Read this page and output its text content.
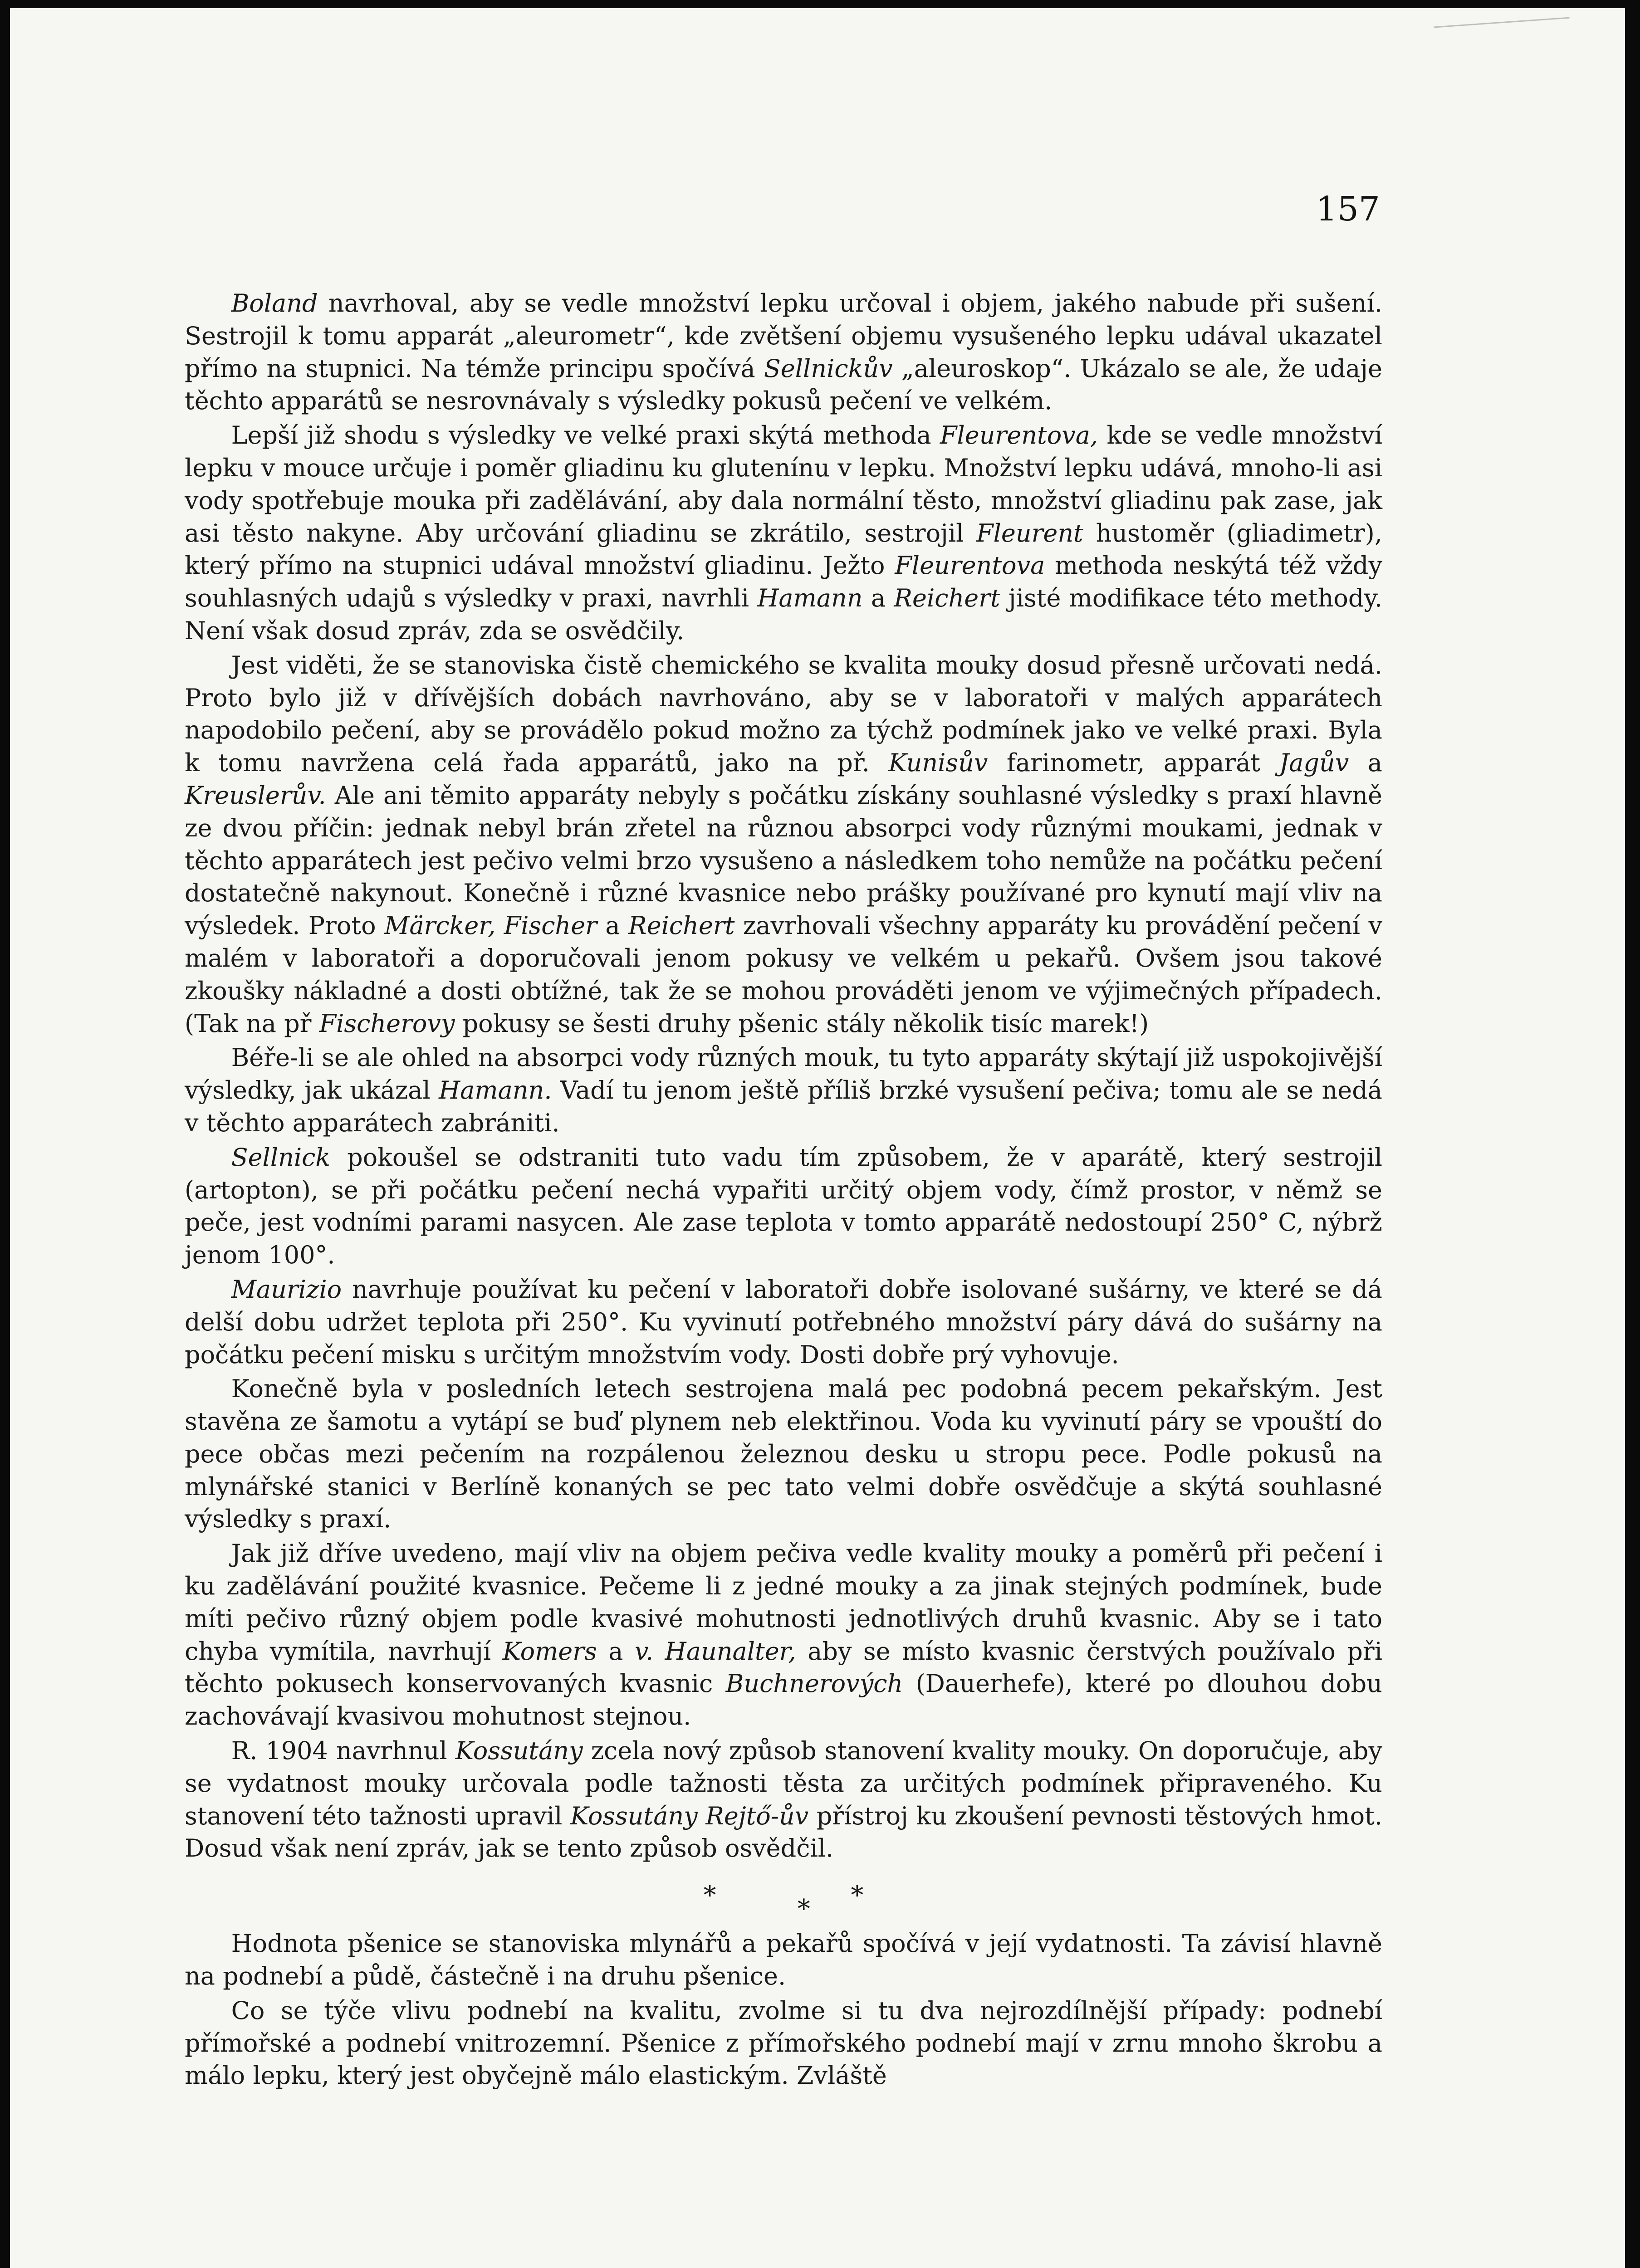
157

Boland navrhoval, aby se vedle množství lepku určoval i objem, jakého nabude při sušení. Sestrojil k tomu apparát „aleurometr“, kde zvětšení objemu vysušeného lepku udával ukazatel přímo na stupnici. Na témže principu spočívá Sellnickův „aleuroskop“. Ukázalo se ale, že udaje těchto apparátů se nesrovnávaly s výsledky pokusů pečení ve velkém.

Lepší již shodu s výsledky ve velké praxi skýtá methoda Fleurentova, kde se vedle množství lepku v mouce určuje i poměr gliadinu ku glutenínu v lepku. Množství lepku udává, mnoho-li asi vody spotřebuje mouka při zadělávání, aby dala normální těsto, množství gliadinu pak zase, jak asi těsto nakyne. Aby určování gliadinu se zkrátilo, sestrojil Fleurent hustoměr (gliadimetr), který přímo na stupnici udával množství gliadinu. Ježto Fleurentova methoda neskýtá též vždy souhlasných udajů s výsledky v praxi, navrhli Hamann a Reichert jisté modifikace této methody. Není však dosud zpráv, zda se osvědčily.

Jest viděti, že se stanoviska čistě chemického se kvalita mouky dosud přesně určovati nedá. Proto bylo již v dřívějších dobách navrhováno, aby se v laboratoři v malých apparátech napodobilo pečení, aby se provádělo pokud možno za týchž podmínek jako ve velké praxi. Byla k tomu navržena celá řada apparátů, jako na př. Kunisův farinometr, apparát Jagův a Kreuslerův. Ale ani těmito apparáty nebyly s počátku získány souhlasné výsledky s praxí hlavně ze dvou příčin: jednak nebyl brán zřetel na různou absorpci vody různými moukami, jednak v těchto apparátech jest pečivo velmi brzo vysušeno a následkem toho nemůže na počátku pečení dostatečně nakynout. Konečně i různé kvasnice nebo prášky používané pro kynutí mají vliv na výsledek. Proto Märcker, Fischer a Reichert zavrhovali všechny apparáty ku provádění pečení v malém v laboratoři a doporučovali jenom pokusy ve velkém u pekařů. Ovšem jsou takové zkoušky nákladné a dosti obtížné, tak že se mohou prováděti jenom ve výjimečných případech. (Tak na př Fischerovy pokusy se šesti druhy pšenic stály několik tisíc marek!)

Béře-li se ale ohled na absorpci vody různých mouk, tu tyto apparáty skýtají již uspokojivější výsledky, jak ukázal Hamann. Vadí tu jenom ještě příliš brzké vysušení pečiva; tomu ale se nedá v těchto apparátech zabrániti.

Sellnick pokoušel se odstraniti tuto vadu tím způsobem, že v aparátě, který sestrojil (artopton), se při počátku pečení nechá vypařiti určitý objem vody, čímž prostor, v němž se peče, jest vodními parami nasycen. Ale zase teplota v tomto apparátě nedostoupí 250° C, nýbrž jenom 100°.

Maurizio navrhuje používat ku pečení v laboratoři dobře isolované sušárny, ve které se dá delší dobu udržet teplota při 250°. Ku vyvinutí potřebného množství páry dává do sušárny na počátku pečení misku s určitým množstvím vody. Dosti dobře prý vyhovuje.

Konečně byla v posledních letech sestrojena malá pec podobná pecem pekařským. Jest stavěna ze šamotu a vytápí se buď plynem neb elektřinou. Voda ku vyvinutí páry se vpouští do pece občas mezi pečením na rozpálenou železnou desku u stropu pece. Podle pokusů na mlynářské stanici v Berlíně konaných se pec tato velmi dobře osvědčuje a skýtá souhlasné výsledky s praxí.

Jak již dříve uvedeno, mají vliv na objem pečiva vedle kvality mouky a poměrů při pečení i ku zadělávání použité kvasnice. Pečeme li z jedné mouky a za jinak stejných podmínek, bude míti pečivo různý objem podle kvasivé mohutnosti jednotlivých druhů kvasnic. Aby se i tato chyba vymítila, navrhují Komers a v. Haunalter, aby se místo kvasnic čerstvých používalo při těchto pokusech konservovaných kvasnic Buchnerových (Dauerhefe), které po dlouhou dobu zachovávají kvasivou mohutnost stejnou.

R. 1904 navrhnul Kossutány zcela nový způsob stanovení kvality mouky. On doporučuje, aby se vydatnost mouky určovala podle tažnosti těsta za určitých podmínek připraveného. Ku stanovení této tažnosti upravil Kossutány Rejtő-ův přístroj ku zkoušení pevnosti těstových hmot. Dosud však není zpráv, jak se tento způsob osvědčil.

* **

Hodnota pšenice se stanoviska mlynářů a pekařů spočívá v její vydatnosti. Ta závisí hlavně na podnebí a půdě, částečně i na druhu pšenice.

Co se týče vlivu podnebí na kvalitu, zvolme si tu dva nejrozdílnější případy: podnebí přímořské a podnebí vnitrozemní. Pšenice z přímořského podnebí mají v zrnu mnoho škrobu a málo lepku, který jest obyčejně málo elastickým. Zvláště
